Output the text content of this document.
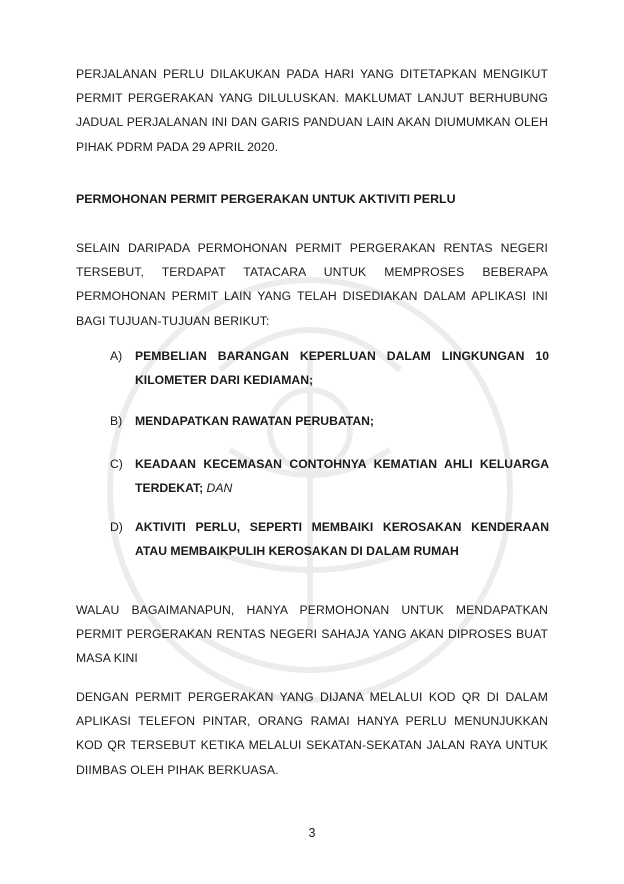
PERJALANAN PERLU DILAKUKAN PADA HARI YANG DITETAPKAN MENGIKUT PERMIT PERGERAKAN YANG DILULUSKAN. MAKLUMAT LANJUT BERHUBUNG JADUAL PERJALANAN INI DAN GARIS PANDUAN LAIN AKAN DIUMUMKAN OLEH PIHAK PDRM PADA 29 APRIL 2020.
PERMOHONAN PERMIT PERGERAKAN UNTUK AKTIVITI PERLU
SELAIN DARIPADA PERMOHONAN PERMIT PERGERAKAN RENTAS NEGERI TERSEBUT, TERDAPAT TATACARA UNTUK MEMPROSES BEBERAPA PERMOHONAN PERMIT LAIN YANG TELAH DISEDIAKAN DALAM APLIKASI INI BAGI TUJUAN-TUJUAN BERIKUT:
A) PEMBELIAN BARANGAN KEPERLUAN DALAM LINGKUNGAN 10 KILOMETER DARI KEDIAMAN;
B) MENDAPATKAN RAWATAN PERUBATAN;
C) KEADAAN KECEMASAN CONTOHNYA KEMATIAN AHLI KELUARGA TERDEKAT; DAN
D) AKTIVITI PERLU, SEPERTI MEMBAIKI KEROSAKAN KENDERAAN ATAU MEMBAIKPULIH KEROSAKAN DI DALAM RUMAH
WALAU BAGAIMANAPUN, HANYA PERMOHONAN UNTUK MENDAPATKAN PERMIT PERGERAKAN RENTAS NEGERI SAHAJA YANG AKAN DIPROSES BUAT MASA KINI
DENGAN PERMIT PERGERAKAN YANG DIJANA MELALUI KOD QR DI DALAM APLIKASI TELEFON PINTAR, ORANG RAMAI HANYA PERLU MENUNJUKKAN KOD QR TERSEBUT KETIKA MELALUI SEKATAN-SEKATAN JALAN RAYA UNTUK DIIMBAS OLEH PIHAK BERKUASA.
3
